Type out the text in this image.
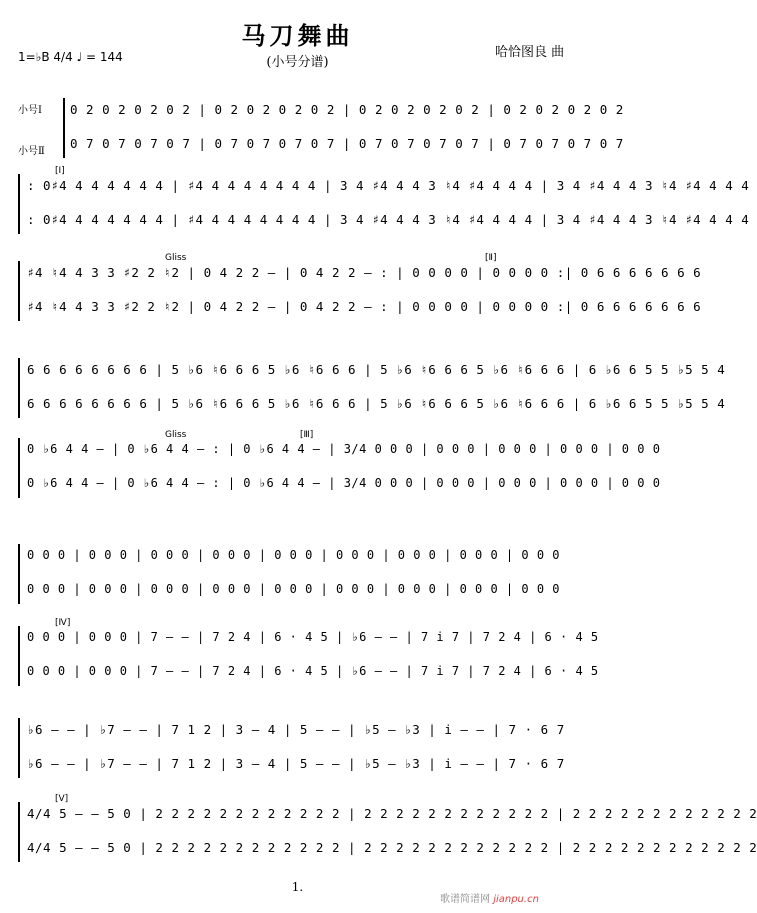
马刀舞曲
(小号分谱)
1=♭B 4/4 ♩ = 144	哈恰图良 曲
小号Ⅰ
小号Ⅱ
0 2 0 2 0 2 0 2 | 0 2 0 2 0 2 0 2 | 0 2 0 2 0 2 0 2 | 0 2 0 2 0 2 0 2
0 7 0 7 0 7 0 7 | 0 7 0 7 0 7 0 7 | 0 7 0 7 0 7 0 7 | 0 7 0 7 0 7 0 7
[Ⅰ]
: 0♯4 4 4 4 4 4 4 | ♯4 4 4 4 4 4 4 4 | 3 4 ♯4 4 4 3 ♮4 ♯4 4 4 4 | 3 4 ♯4 4 4 3 ♮4 ♯4 4 4 4
: 0♯4 4 4 4 4 4 4 | ♯4 4 4 4 4 4 4 4 | 3 4 ♯4 4 4 3 ♮4 ♯4 4 4 4 | 3 4 ♯4 4 4 3 ♮4 ♯4 4 4 4
Gliss	[Ⅱ]
♯4 ♮4 4 3 3 ♯2 2 ♮2 | 0 4 2 2 — | 0 4 2 2 — : | 0 0 0 0 | 0 0 0 0 :| 0 6 6 6 6 6 6 6
♯4 ♮4 4 3 3 ♯2 2 ♮2 | 0 4 2 2 — | 0 4 2 2 — : | 0 0 0 0 | 0 0 0 0 :| 0 6 6 6 6 6 6 6
6 6 6 6 6 6 6 6 | 5 ♭6 ♮6 6 6 5 ♭6 ♮6 6 6 | 5 ♭6 ♮6 6 6 5 ♭6 ♮6 6 6 | 6 ♭6 6 5 5 ♭5 5 4
6 6 6 6 6 6 6 6 | 5 ♭6 ♮6 6 6 5 ♭6 ♮6 6 6 | 5 ♭6 ♮6 6 6 5 ♭6 ♮6 6 6 | 6 ♭6 6 5 5 ♭5 5 4
Gliss	[Ⅲ]
0 ♭6 4 4 — | 0 ♭6 4 4 — : | 0 ♭6 4 4 — | 3/4 0 0 0 | 0 0 0 | 0 0 0 | 0 0 0 | 0 0 0
0 ♭6 4 4 — | 0 ♭6 4 4 — : | 0 ♭6 4 4 — | 3/4 0 0 0 | 0 0 0 | 0 0 0 | 0 0 0 | 0 0 0
0 0 0 | 0 0 0 | 0 0 0 | 0 0 0 | 0 0 0 | 0 0 0 | 0 0 0 | 0 0 0 | 0 0 0
0 0 0 | 0 0 0 | 0 0 0 | 0 0 0 | 0 0 0 | 0 0 0 | 0 0 0 | 0 0 0 | 0 0 0
[Ⅳ]
0 0 0 | 0 0 0 | 7 — — | 7 2 4 | 6 · 4 5 | ♭6 — — | 7 i 7 | 7 2 4 | 6 · 4 5
0 0 0 | 0 0 0 | 7 — — | 7 2 4 | 6 · 4 5 | ♭6 — — | 7 i 7 | 7 2 4 | 6 · 4 5
♭6 — — | ♭7 — — | 7 1 2 | 3 — 4 | 5 — — | ♭5 — ♭3 | i — — | 7 · 6 7
♭6 — — | ♭7 — — | 7 1 2 | 3 — 4 | 5 — — | ♭5 — ♭3 | i — — | 7 · 6 7
[Ⅴ]
4/4 5 — — 5 0 | 2 2 2 2 2 2 2 2 2 2 2 2 | 2 2 2 2 2 2 2 2 2 2 2 2 | 2 2 2 2 2 2 2 2 2 2 2 2
4/4 5 — — 5 0 | 2 2 2 2 2 2 2 2 2 2 2 2 | 2 2 2 2 2 2 2 2 2 2 2 2 | 2 2 2 2 2 2 2 2 2 2 2 2
1.
歌谱简谱网 jianpu.cn
